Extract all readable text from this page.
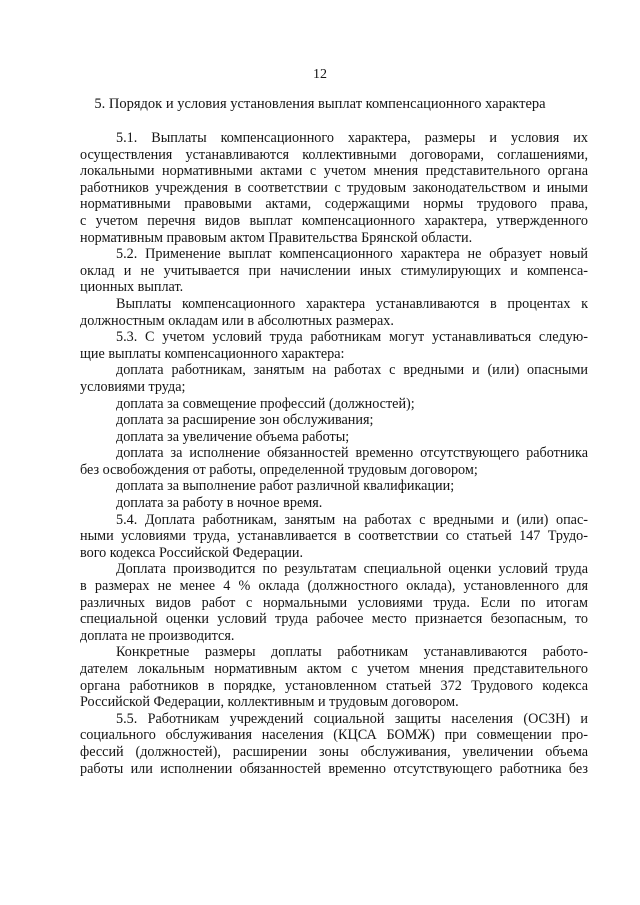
12
5. Порядок и условия установления выплат компенсационного характера
5.1. Выплаты компенсационного характера, размеры и условия их
осуществления устанавливаются коллективными договорами, соглашениями,
локальными нормативными актами с учетом мнения представительного органа
работников учреждения в соответствии с трудовым законодательством и иными
нормативными правовыми актами, содержащими нормы трудового права,
с учетом перечня видов выплат компенсационного характера, утвержденного
нормативным правовым актом Правительства Брянской области.
5.2. Применение выплат компенсационного характера не образует новый
оклад и не учитывается при начислении иных стимулирующих и компенса-
ционных выплат.
Выплаты компенсационного характера устанавливаются в процентах к
должностным окладам или в абсолютных размерах.
5.3. С учетом условий труда работникам могут устанавливаться следую-
щие выплаты компенсационного характера:
доплата работникам, занятым на работах с вредными и (или) опасными
условиями труда;
доплата за совмещение профессий (должностей);
доплата за расширение зон обслуживания;
доплата за увеличение объема работы;
доплата за исполнение обязанностей временно отсутствующего работника
без освобождения от работы, определенной трудовым договором;
доплата за выполнение работ различной квалификации;
доплата за работу в ночное время.
5.4. Доплата работникам, занятым на работах с вредными и (или) опас-
ными условиями труда, устанавливается в соответствии со статьей 147 Трудо-
вого кодекса Российской Федерации.
Доплата производится по результатам специальной оценки условий труда
в размерах не менее 4 % оклада (должностного оклада), установленного для
различных видов работ с нормальными условиями труда. Если по итогам
специальной оценки условий труда рабочее место признается безопасным, то
доплата не производится.
Конкретные размеры доплаты работникам устанавливаются работо-
дателем локальным нормативным актом с учетом мнения представительного
органа работников в порядке, установленном статьей 372 Трудового кодекса
Российской Федерации, коллективным и трудовым договором.
5.5. Работникам учреждений социальной защиты населения (ОСЗН) и
социального обслуживания населения (КЦСА БОМЖ) при совмещении про-
фессий (должностей), расширении зоны обслуживания, увеличении объема
работы или исполнении обязанностей временно отсутствующего работника без
